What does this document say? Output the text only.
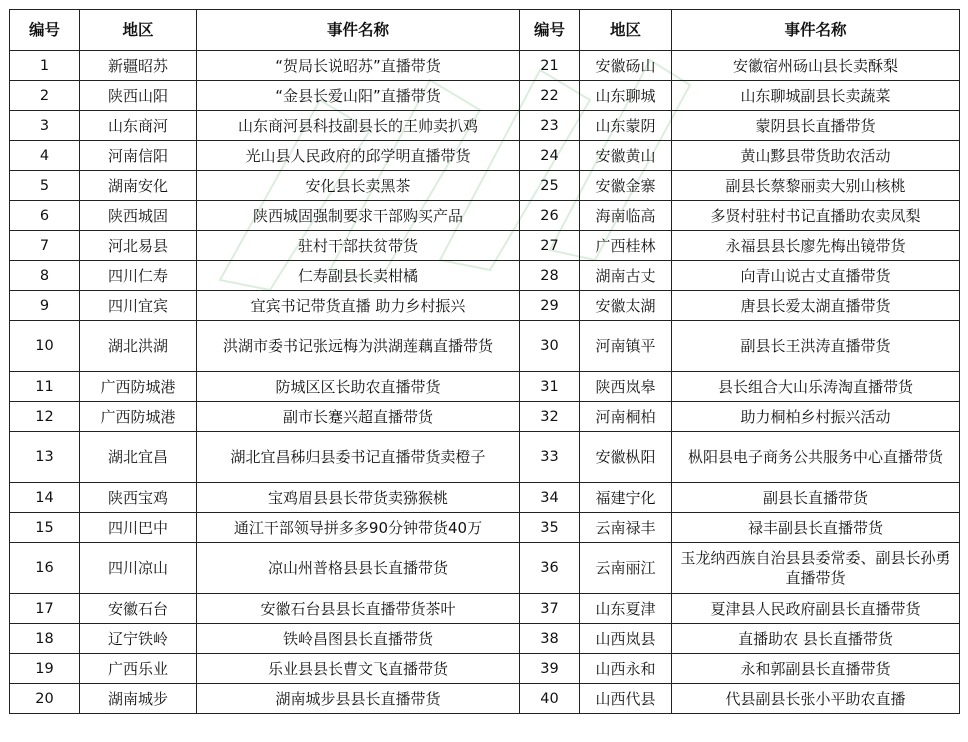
编号	地区	事件名称	编号	地区	事件名称
1	新疆昭苏	“贺局长说昭苏”直播带货	21	安徽砀山	安徽宿州砀山县长卖酥梨
2	陕西山阳	“金县长爱山阳”直播带货	22	山东聊城	山东聊城副县长卖蔬菜
3	山东商河	山东商河县科技副县长的王帅卖扒鸡	23	山东蒙阴	蒙阴县长直播带货
4	河南信阳	光山县人民政府的邱学明直播带货	24	安徽黄山	黄山黟县带货助农活动
5	湖南安化	安化县长卖黑茶	25	安徽金寨	副县长蔡黎丽卖大别山核桃
6	陕西城固	陕西城固强制要求干部购买产品	26	海南临高	多贤村驻村书记直播助农卖凤梨
7	河北易县	驻村干部扶贫带货	27	广西桂林	永福县县长廖先梅出镜带货
8	四川仁寿	仁寿副县长卖柑橘	28	湖南古丈	向青山说古丈直播带货
9	四川宜宾	宜宾书记带货直播 助力乡村振兴	29	安徽太湖	唐县长爱太湖直播带货
10	湖北洪湖	洪湖市委书记张远梅为洪湖莲藕直播带货	30	河南镇平	副县长王洪涛直播带货
11	广西防城港	防城区区长助农直播带货	31	陕西岚皋	县长组合大山乐涛淘直播带货
12	广西防城港	副市长蹇兴超直播带货	32	河南桐柏	助力桐柏乡村振兴活动
13	湖北宜昌	湖北宜昌秭归县委书记直播带货卖橙子	33	安徽枞阳	枞阳县电子商务公共服务中心直播带货
14	陕西宝鸡	宝鸡眉县县长带货卖猕猴桃	34	福建宁化	副县长直播带货
15	四川巴中	通江干部领导拼多多90分钟带货40万	35	云南禄丰	禄丰副县长直播带货
16	四川凉山	凉山州普格县县长直播带货	36	云南丽江	玉龙纳西族自治县县委常委、副县长孙勇直播带货
17	安徽石台	安徽石台县县长直播带货茶叶	37	山东夏津	夏津县人民政府副县长直播带货
18	辽宁铁岭	铁岭昌图县长直播带货	38	山西岚县	直播助农 县长直播带货
19	广西乐业	乐业县县长曹文飞直播带货	39	山西永和	永和郭副县长直播带货
20	湖南城步	湖南城步县县长直播带货	40	山西代县	代县副县长张小平助农直播
